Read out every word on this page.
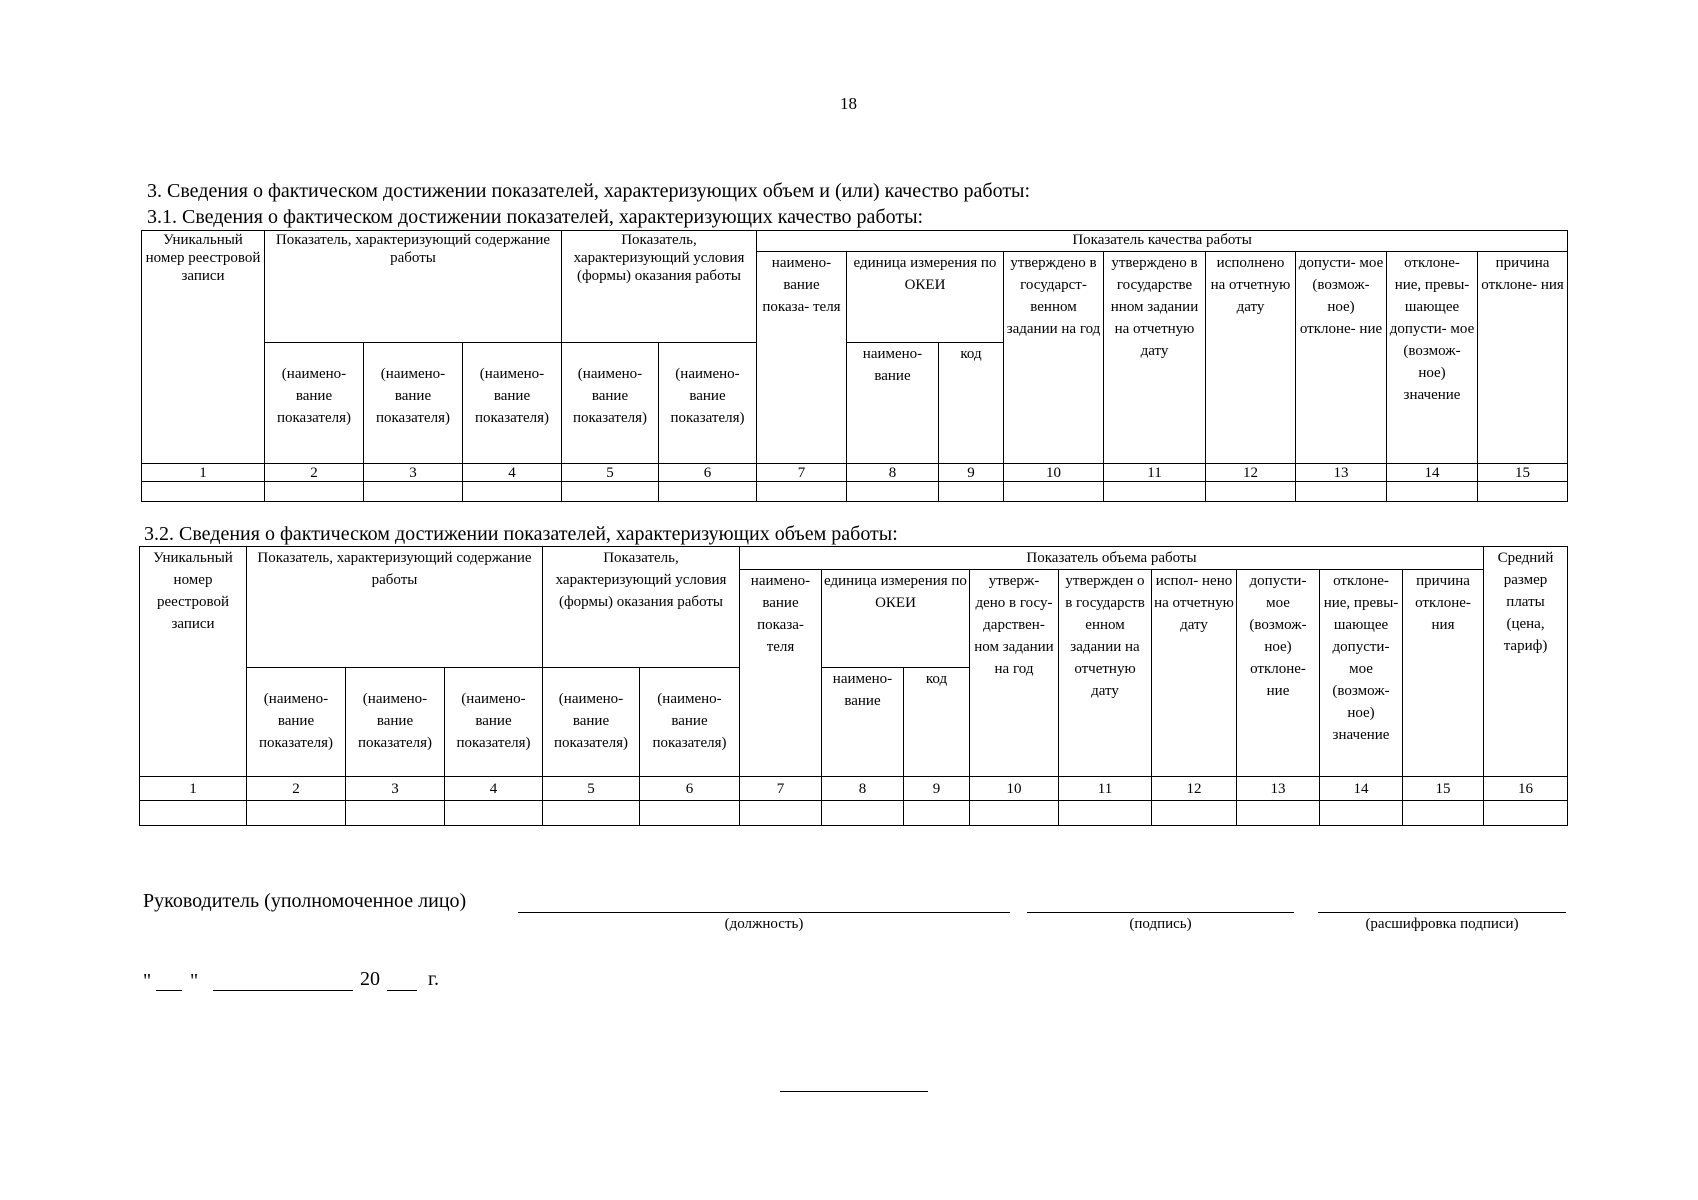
18
3. Сведения о фактическом достижении показателей, характеризующих объем и (или) качество работы:
3.1. Сведения о фактическом достижении показателей, характеризующих качество работы:
Уникальный номер реестровой записи	Показатель, характеризующий содержание работы			Показатель, характеризующий условия (формы) оказания работы		Показатель качества работы								
						наимено- вание показа- теля	единица измерения по ОКЕИ		утверждено в государст- венном задании на год	утверждено в государстве нном задании на отчетную дату	исполнено на отчетную дату	допусти- мое (возмож- ное) отклоне- ние	отклоне- ние, превы- шающее допусти- мое (возмож- ное) значение	причина отклоне- ния
	(наимено- вание показателя)	(наимено- вание показателя)	(наимено- вание показателя)	(наимено- вание показателя)	(наимено- вание показателя)		наимено- вание	код						
1	2	3	4	5	6	7	8	9	10	11	12	13	14	15

3.2. Сведения о фактическом достижении показателей, характеризующих объем работы:
Уникальный номер реестровой записи	Показатель, характеризующий содержание работы			Показатель, характеризующий условия (формы) оказания работы		Показатель объема работы									Средний размер платы (цена, тариф)
						наимено- вание показа- теля	единица измерения по ОКЕИ		утверж- дено в госу- дарствен- ном задании на год	утвержден о в государств енном задании на отчетную дату	испол- нено на отчетную дату	допусти- мое (возмож- ное) отклоне- ние	отклоне- ние, превы- шающее допусти- мое (возмож- ное) значение	причина отклоне- ния	
	(наимено- вание показателя)	(наимено- вание показателя)	(наимено- вание показателя)	(наимено- вание показателя)	(наимено- вание показателя)		наимено- вание	код							
1	2	3	4	5	6	7	8	9	10	11	12	13	14	15	16

Руководитель (уполномоченное лицо)
(должность)	(подпись)	(расшифровка подписи)
" "	20 г.
